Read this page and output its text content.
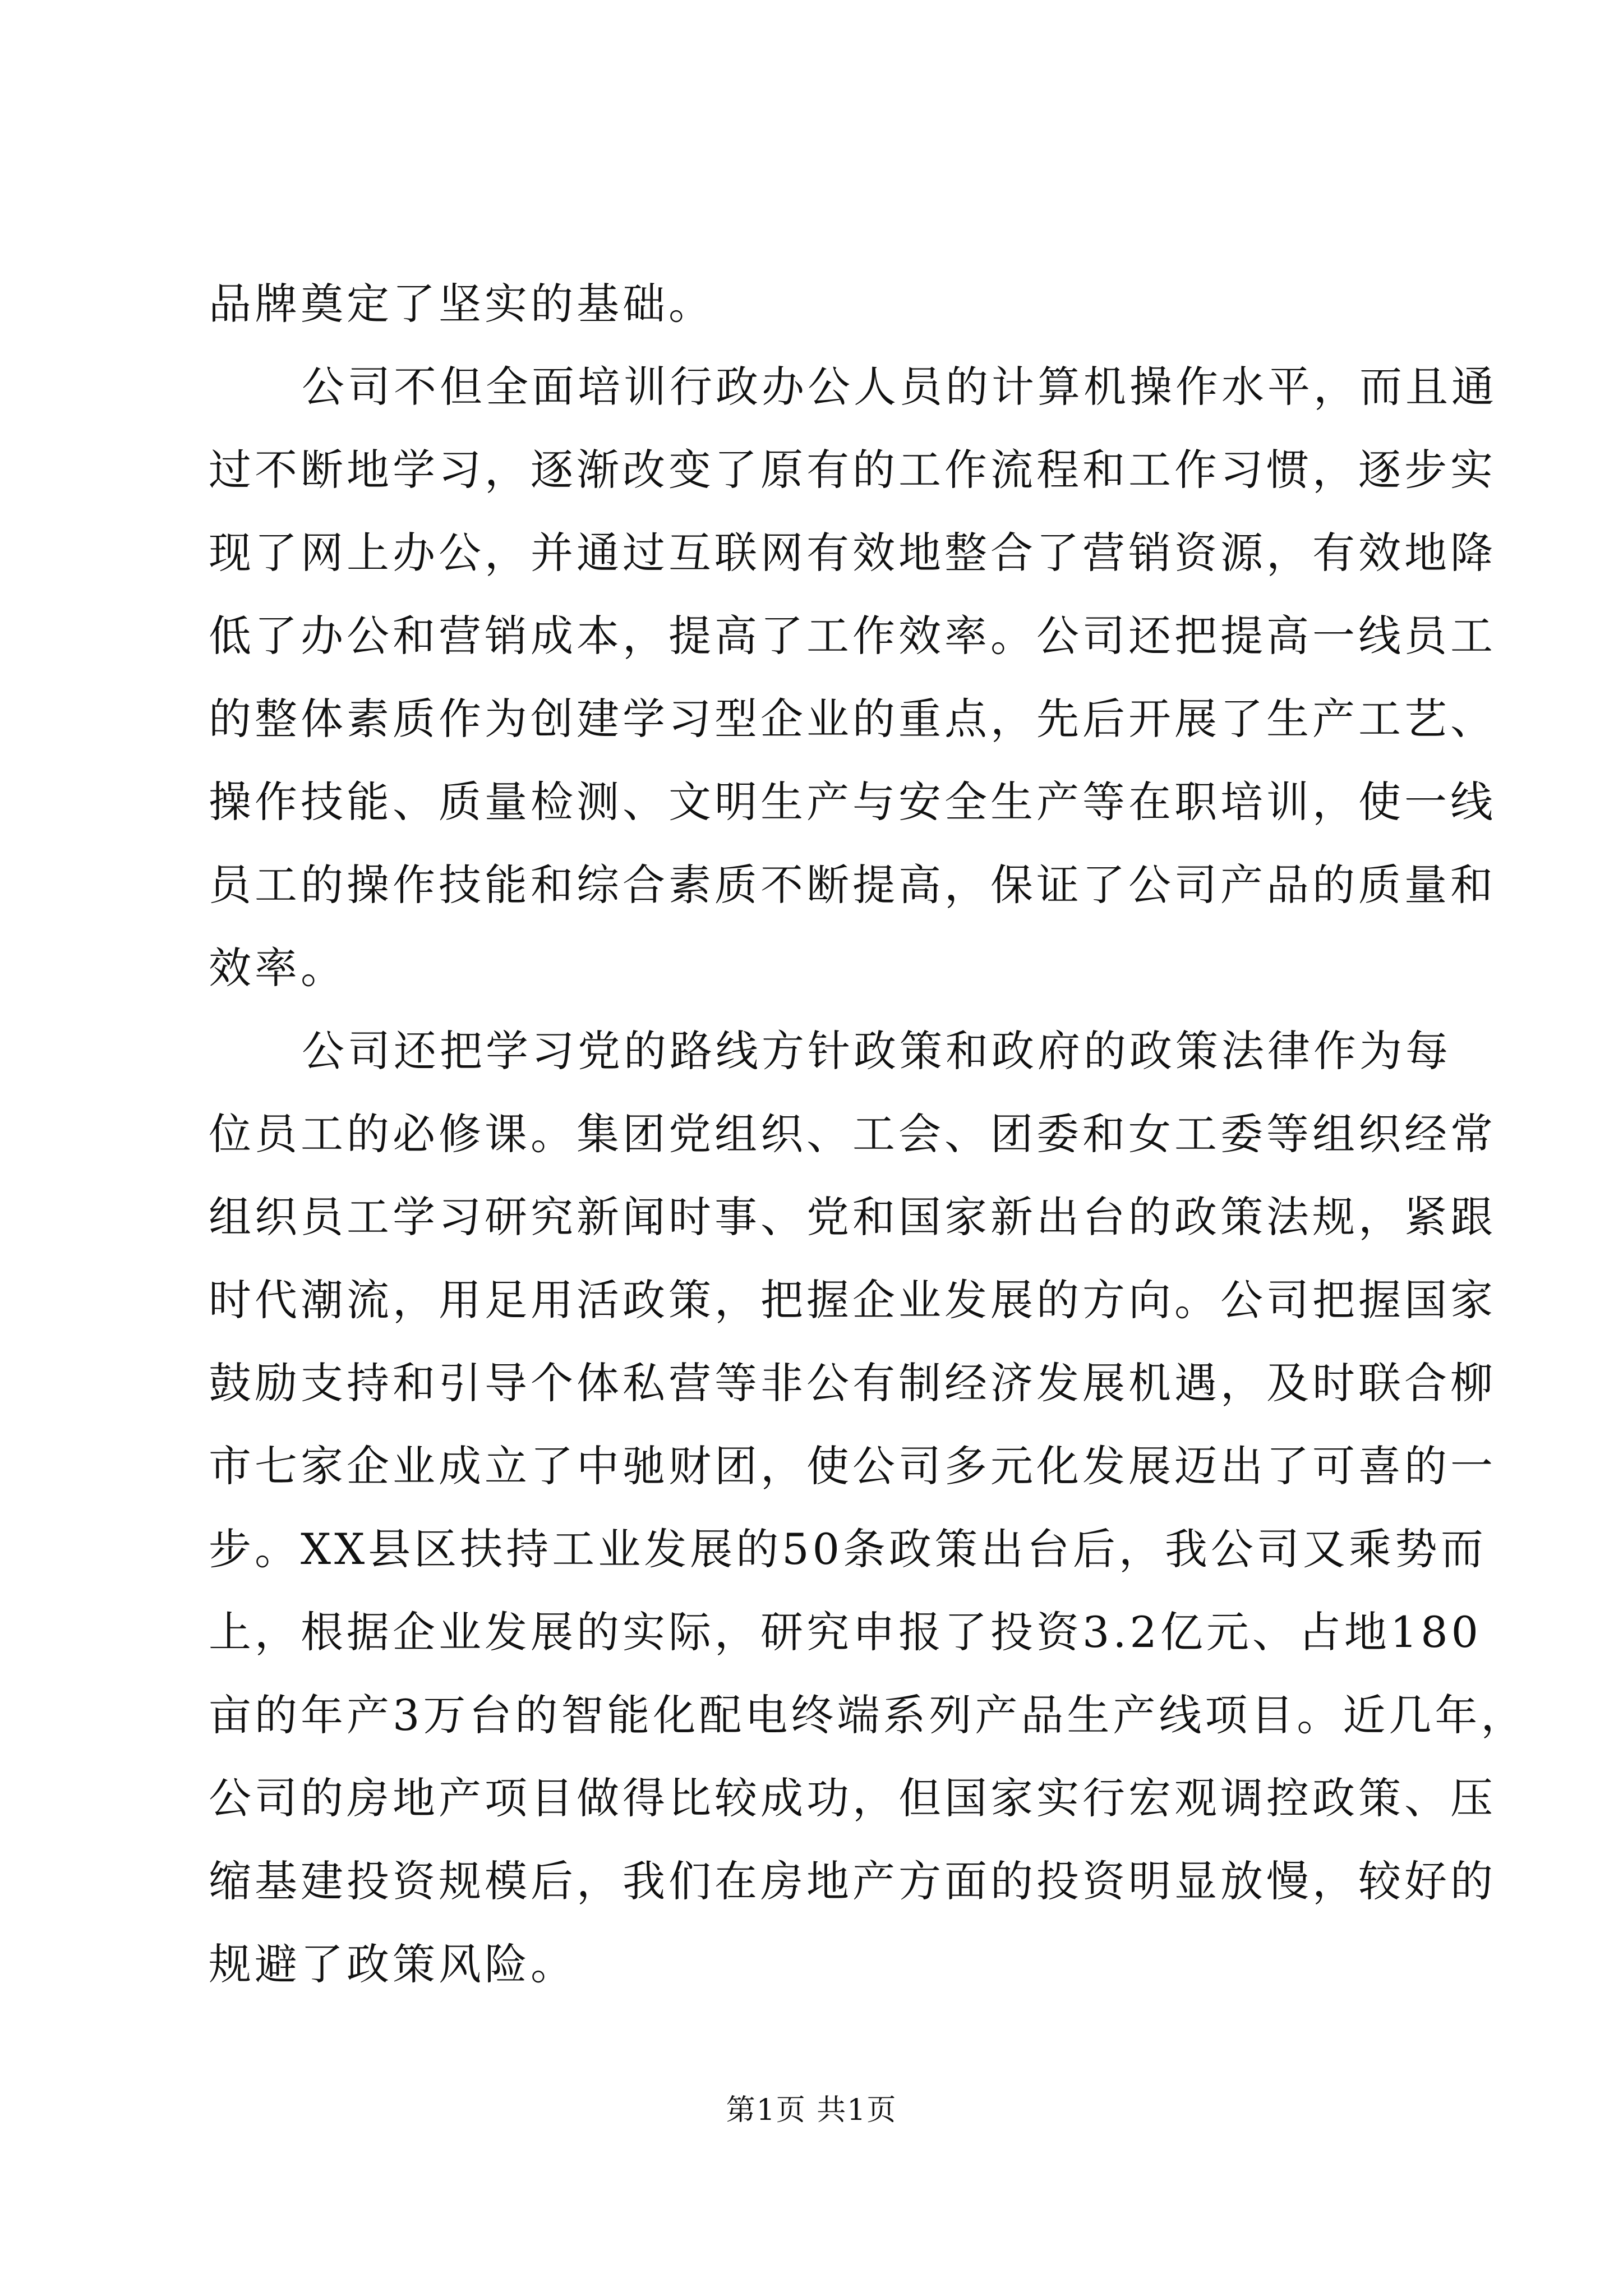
品牌奠定了坚实的基础。
公司不但全面培训行政办公人员的计算机操作水平，而且通
过不断地学习，逐渐改变了原有的工作流程和工作习惯，逐步实
现了网上办公，并通过互联网有效地整合了营销资源，有效地降
低了办公和营销成本，提高了工作效率。公司还把提高一线员工
的整体素质作为创建学习型企业的重点，先后开展了生产工艺、
操作技能、质量检测、文明生产与安全生产等在职培训，使一线
员工的操作技能和综合素质不断提高，保证了公司产品的质量和
效率。
公司还把学习党的路线方针政策和政府的政策法律作为每
位员工的必修课。集团党组织、工会、团委和女工委等组织经常
组织员工学习研究新闻时事、党和国家新出台的政策法规，紧跟
时代潮流，用足用活政策，把握企业发展的方向。公司把握国家
鼓励支持和引导个体私营等非公有制经济发展机遇，及时联合柳
市七家企业成立了中驰财团，使公司多元化发展迈出了可喜的一
步。XX县区扶持工业发展的50条政策出台后，我公司又乘势而
上，根据企业发展的实际，研究申报了投资3.2亿元、占地180
亩的年产3万台的智能化配电终端系列产品生产线项目。近几年，
公司的房地产项目做得比较成功，但国家实行宏观调控政策、压
缩基建投资规模后，我们在房地产方面的投资明显放慢，较好的
规避了政策风险。
第1页 共1页
